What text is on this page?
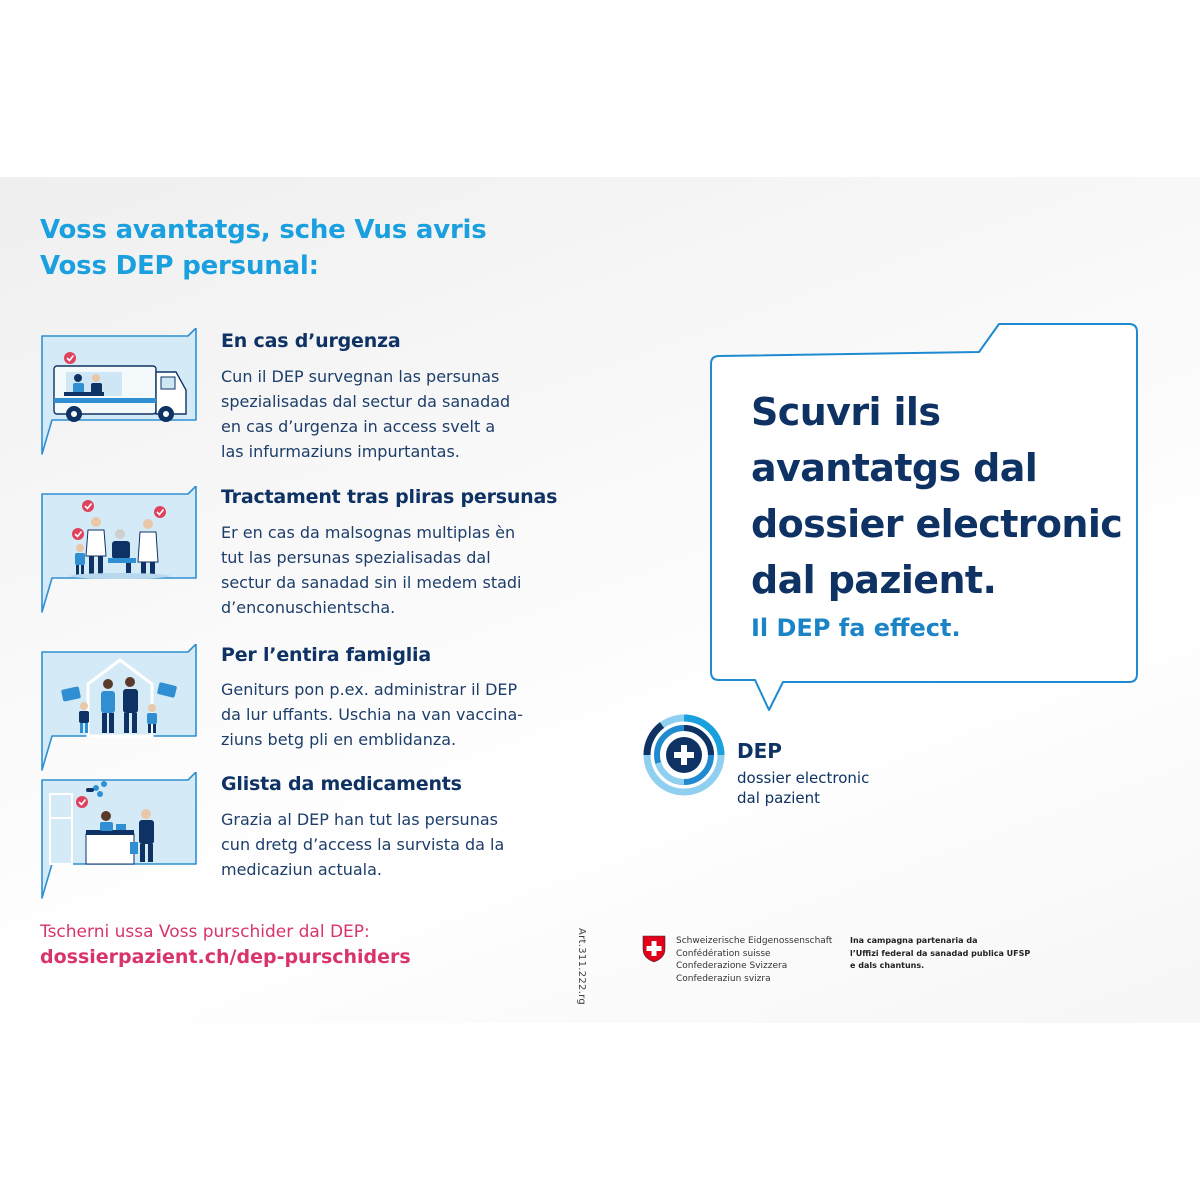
Voss avantatgs, sche Vus avris
Voss DEP persunal:
En cas d’urgenza

Cun il DEP survegnan las persunas
spezialisadas dal sectur da sanadad
en cas d’urgenza in access svelt a
las infurmaziuns impurtantas.

Tractament tras pliras persunas

Er en cas da malsognas multiplas èn
tut las persunas spezialisadas dal
sectur da sanadad sin il medem stadi
d’enconuschientscha.

Per l’entira famiglia

Geniturs pon p.ex. administrar il DEP
da lur uffants. Uschia na van vaccina-
ziuns betg pli en emblidanza.

Glista da medicaments

Grazia al DEP han tut las persunas
cun dretg d’access la survista da la
medicaziun actuala.

Tscherni ussa Voss purschider dal DEP:

dossierpazient.ch/dep-purschiders	Art.311.222.rg
Scuvri ils
avantatgs dal
dossier electronic
dal pazient.

Il DEP fa effect.

DEP

dossier electronic
dal pazient

Schweizerische Eidgenossenschaft
Confédération suisse
Confederazione Svizzera
Confederaziun svizra

Ina campagna partenaria da
l’Uffizi federal da sanadad publica UFSP
e dals chantuns.
